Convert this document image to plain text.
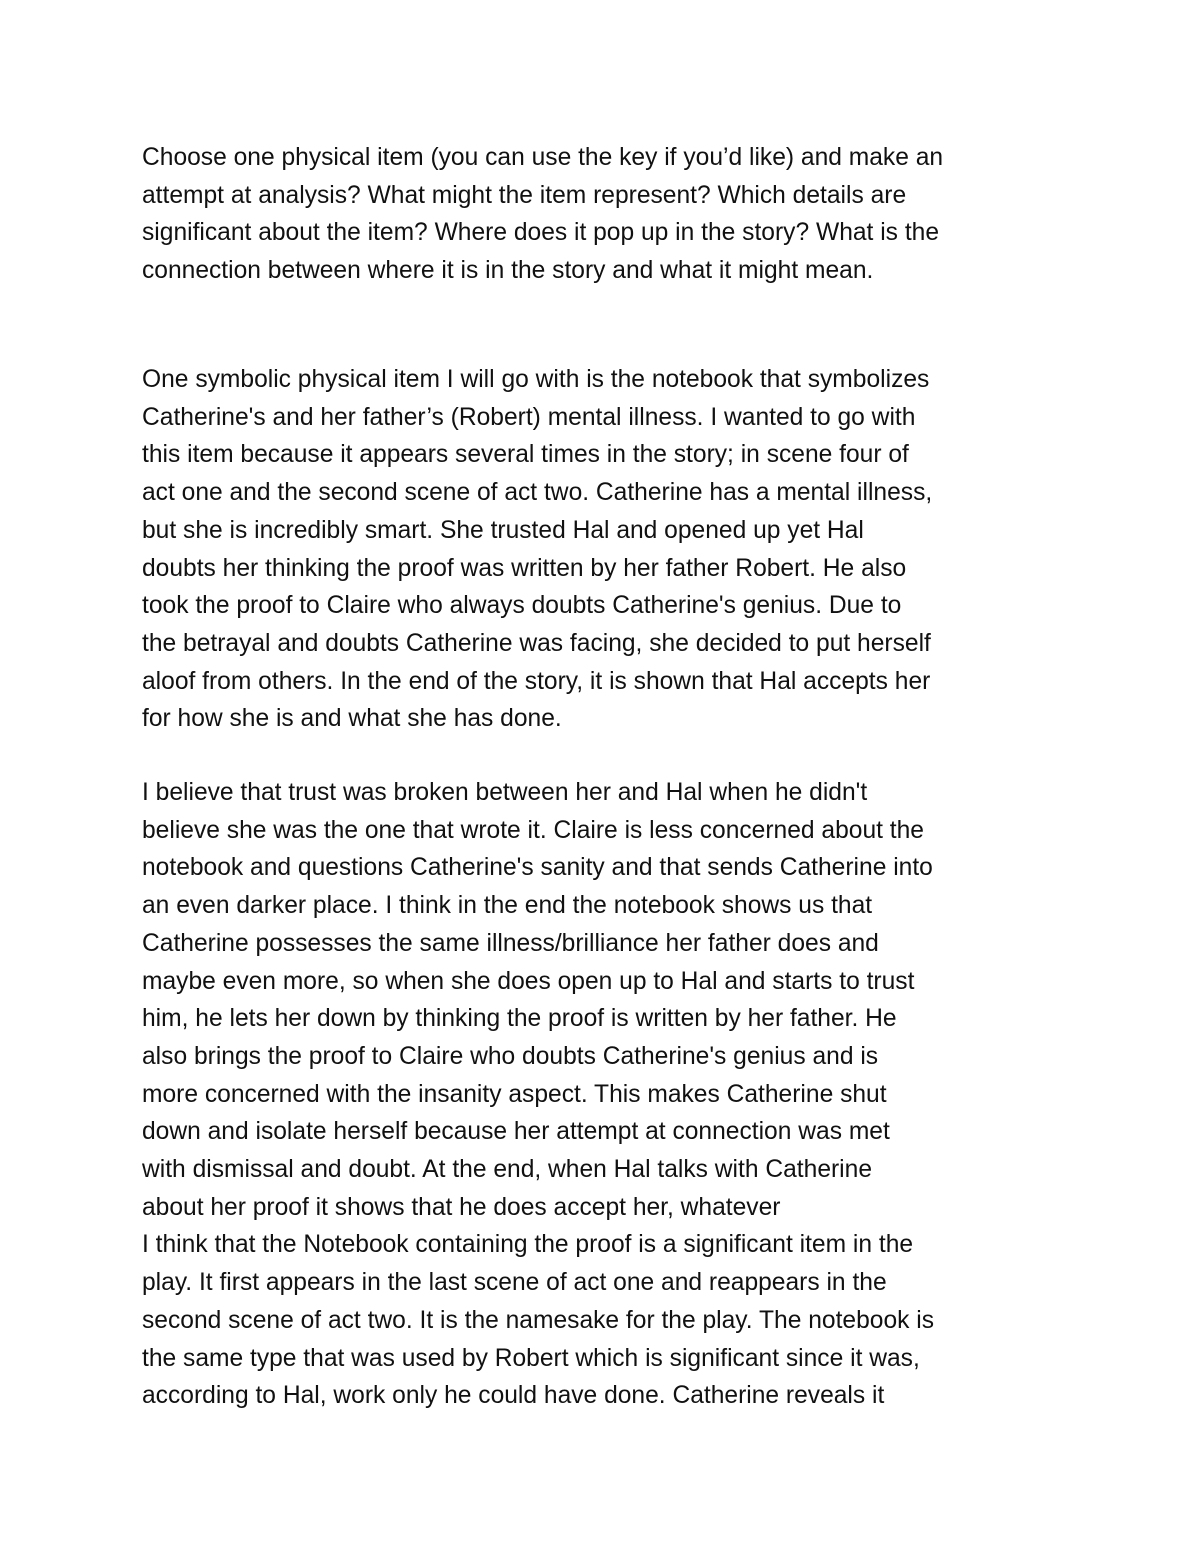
Choose one physical item (you can use the key if you’d like) and make an
attempt at analysis? What might the item represent? Which details are
significant about the item? Where does it pop up in the story? What is the
connection between where it is in the story and what it might mean.
One symbolic physical item I will go with is the notebook that symbolizes
Catherine's and her father’s (Robert) mental illness. I wanted to go with
this item because it appears several times in the story; in scene four of
act one and the second scene of act two. Catherine has a mental illness,
but she is incredibly smart. She trusted Hal and opened up yet Hal
doubts her thinking the proof was written by her father Robert. He also
took the proof to Claire who always doubts Catherine's genius. Due to
the betrayal and doubts Catherine was facing, she decided to put herself
aloof from others. In the end of the story, it is shown that Hal accepts her
for how she is and what she has done.
I believe that trust was broken between her and Hal when he didn't
believe she was the one that wrote it. Claire is less concerned about the
notebook and questions Catherine's sanity and that sends Catherine into
an even darker place. I think in the end the notebook shows us that
Catherine possesses the same illness/brilliance her father does and
maybe even more, so when she does open up to Hal and starts to trust
him, he lets her down by thinking the proof is written by her father. He
also brings the proof to Claire who doubts Catherine's genius and is
more concerned with the insanity aspect. This makes Catherine shut
down and isolate herself because her attempt at connection was met
with dismissal and doubt. At the end, when Hal talks with Catherine
about her proof it shows that he does accept her, whatever
I think that the Notebook containing the proof is a significant item in the
play. It first appears in the last scene of act one and reappears in the
second scene of act two. It is the namesake for the play. The notebook is
the same type that was used by Robert which is significant since it was,
according to Hal, work only he could have done. Catherine reveals it
